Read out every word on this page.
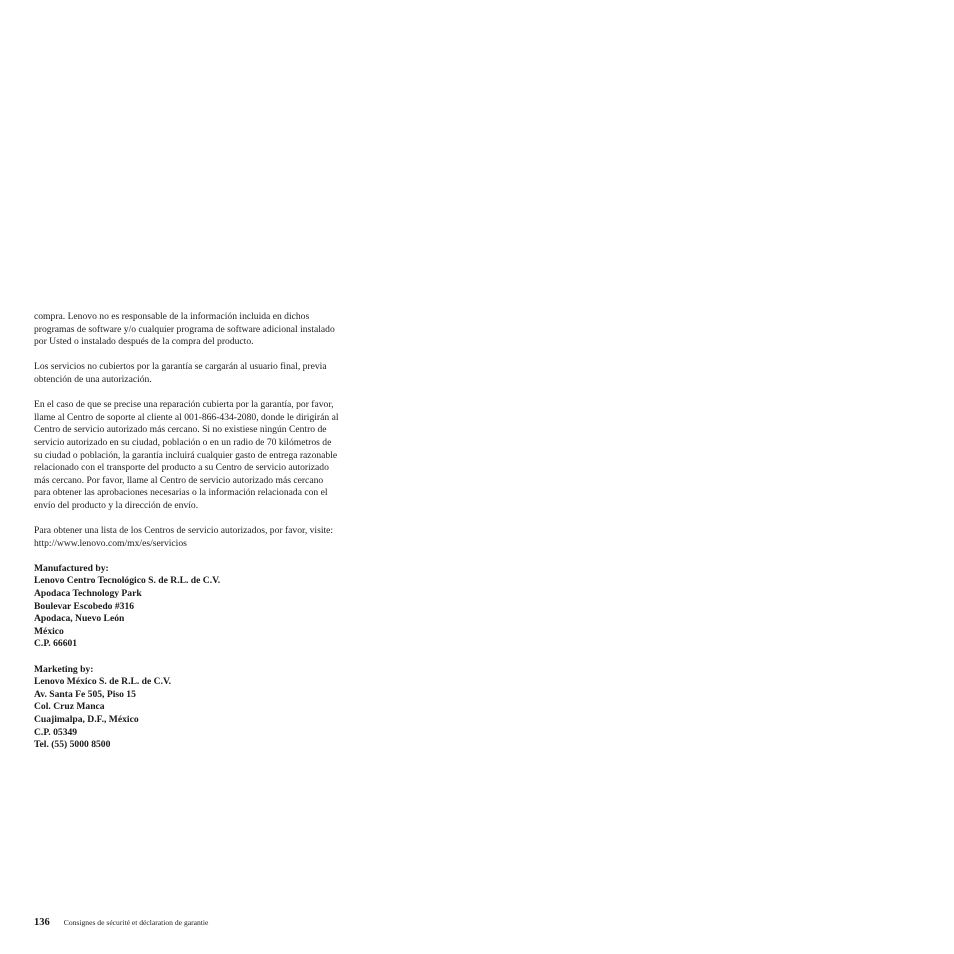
compra. Lenovo no es responsable de la información incluida en dichos
programas de software y/o cualquier programa de software adicional instalado
por Usted o instalado después de la compra del producto.

Los servicios no cubiertos por la garantía se cargarán al usuario final, previa
obtención de una autorización.

En el caso de que se precise una reparación cubierta por la garantía, por favor,
llame al Centro de soporte al cliente al 001-866-434-2080, donde le dirigirán al
Centro de servicio autorizado más cercano. Si no existiese ningún Centro de
servicio autorizado en su ciudad, población o en un radio de 70 kilómetros de
su ciudad o población, la garantía incluirá cualquier gasto de entrega razonable
relacionado con el transporte del producto a su Centro de servicio autorizado
más cercano. Por favor, llame al Centro de servicio autorizado más cercano
para obtener las aprobaciones necesarias o la información relacionada con el
envío del producto y la dirección de envío.

Para obtener una lista de los Centros de servicio autorizados, por favor, visite:
http://www.lenovo.com/mx/es/servicios

Manufactured by:
Lenovo Centro Tecnológico S. de R.L. de C.V.
Apodaca Technology Park
Boulevar Escobedo #316
Apodaca, Nuevo León
México
C.P. 66601
Marketing by:
Lenovo México S. de R.L. de C.V.
Av. Santa Fe 505, Piso 15
Col. Cruz Manca
Cuajimalpa, D.F., México
C.P. 05349
Tel. (55) 5000 8500
136 Consignes de sécurité et déclaration de garantie
